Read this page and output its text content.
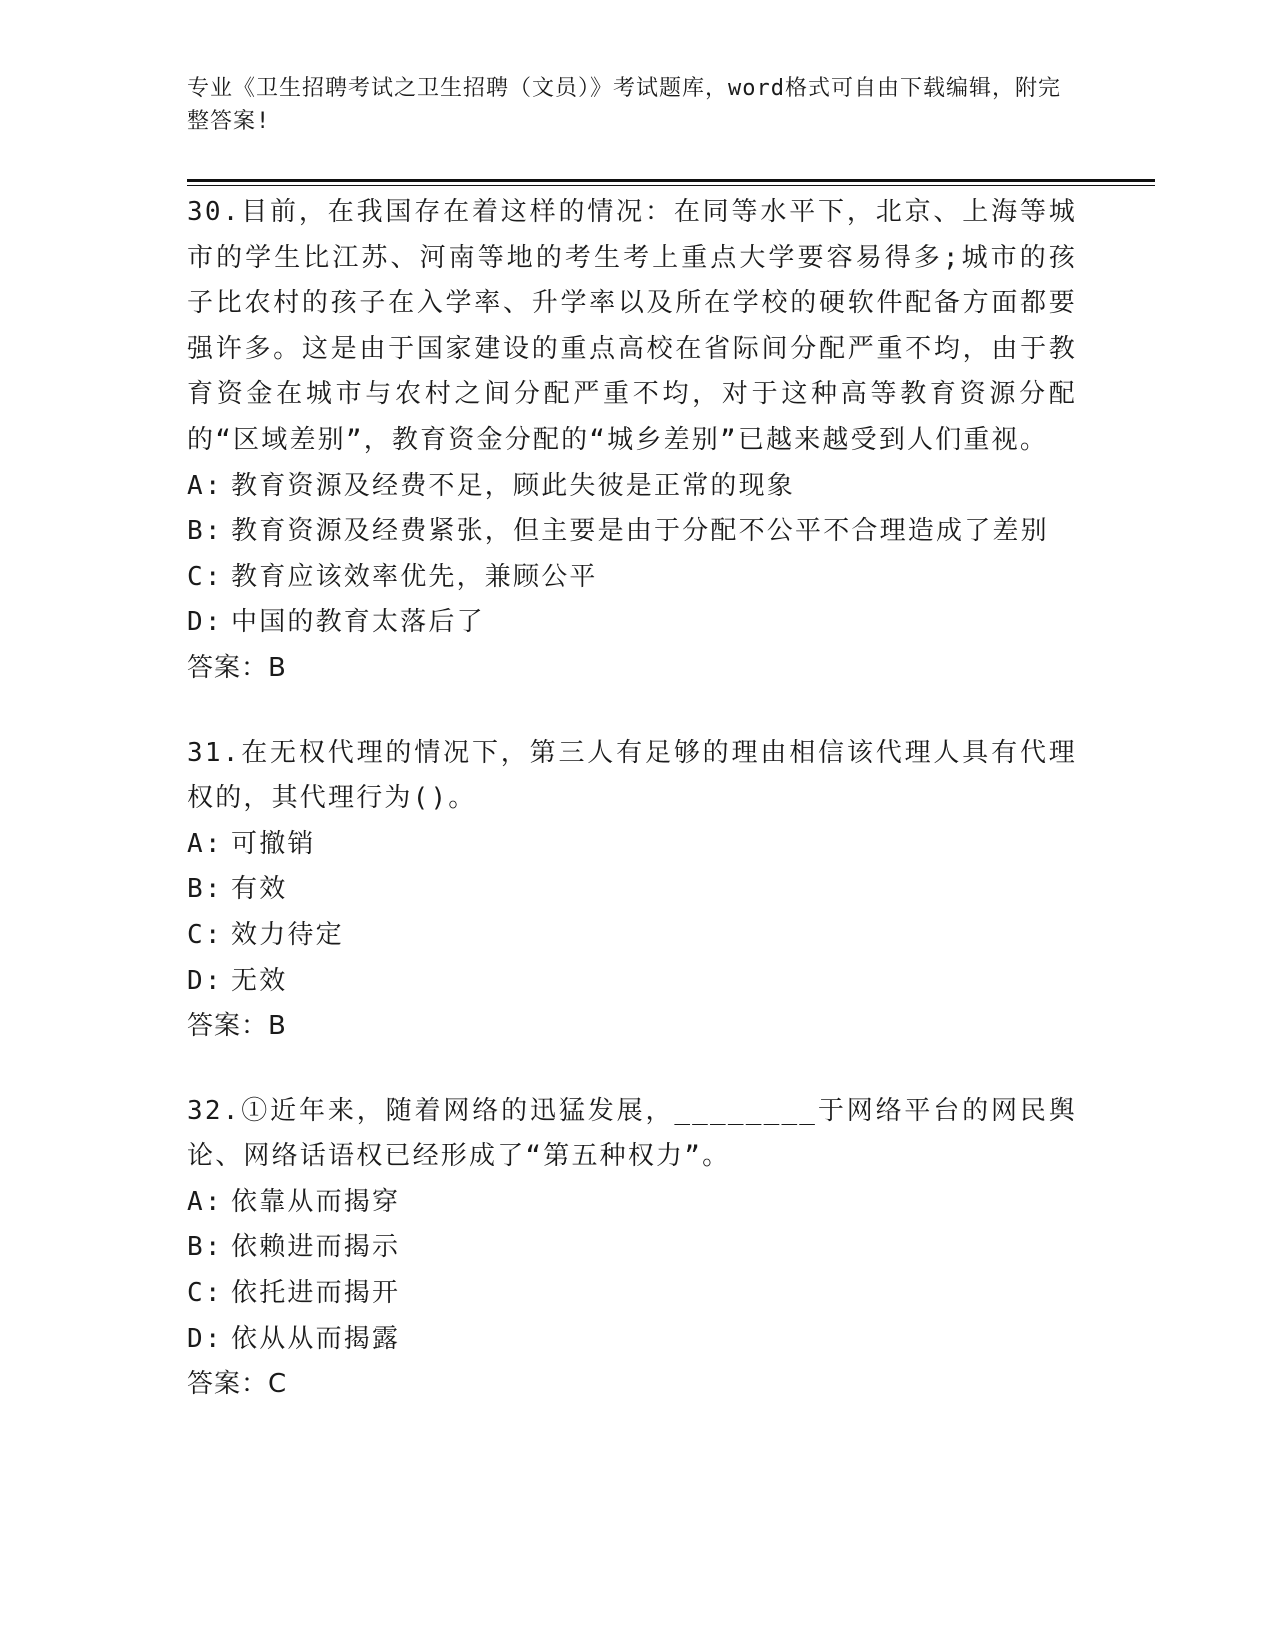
专业《卫生招聘考试之卫生招聘（文员）》考试题库，word格式可自由下载编辑，附完整答案!
30.目前，在我国存在着这样的情况：在同等水平下，北京、上海等城市的学生比江苏、河南等地的考生考上重点大学要容易得多;城市的孩子比农村的孩子在入学率、升学率以及所在学校的硬软件配备方面都要强许多。这是由于国家建设的重点高校在省际间分配严重不均，由于教育资金在城市与农村之间分配严重不均，对于这种高等教育资源分配的“区域差别”，教育资金分配的“城乡差别”已越来越受到人们重视。
A: 教育资源及经费不足，顾此失彼是正常的现象
B: 教育资源及经费紧张，但主要是由于分配不公平不合理造成了差别
C: 教育应该效率优先，兼顾公平
D: 中国的教育太落后了
答案：B
31.在无权代理的情况下，第三人有足够的理由相信该代理人具有代理权的，其代理行为()。
A: 可撤销
B: 有效
C: 效力待定
D: 无效
答案：B
32.①近年来，随着网络的迅猛发展，________于网络平台的网民舆论、网络话语权已经形成了“第五种权力”。
A: 依靠从而揭穿
B: 依赖进而揭示
C: 依托进而揭开
D: 依从从而揭露
答案：C
